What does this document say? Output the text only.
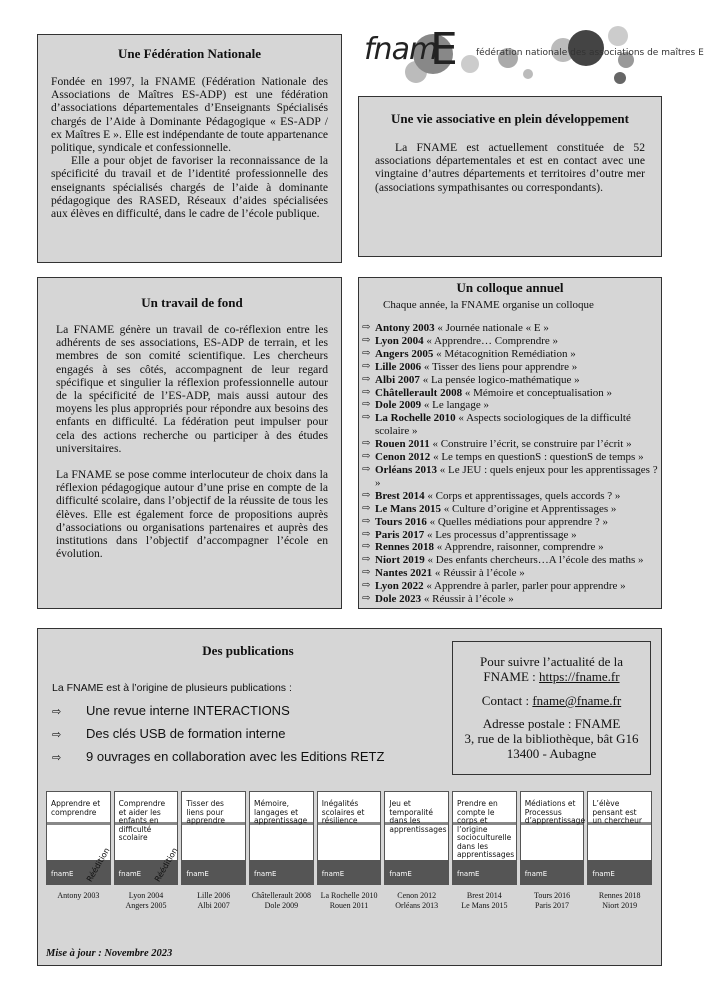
fnam
E fédération nationale des associations de maîtres E
Une Fédération Nationale

Fondée en 1997, la FNAME (Fédération Nationale des Associations de Maîtres ES-ADP) est une fédération d’associations départementales d’Enseignants Spécialisés chargés de l’Aide à Dominante Pédagogique « ES-ADP / ex Maîtres E ». Elle est indépendante de toute appartenance politique, syndicale et confessionnelle.

Elle a pour objet de favoriser la reconnaissance de la spécificité du travail et de l’identité professionnelle des enseignants spécialisés chargés de l’aide à dominante pédagogique des RASED, Réseaux d’aides spécialisées aux élèves en difficulté, dans le cadre de l’école publique.

Une vie associative en plein développement

La FNAME est actuellement constituée de 52 associations départementales et est en contact avec une vingtaine d’autres départements et territoires d’outre mer (associations sympathisantes ou correspondants).

Un travail de fond

La FNAME génère un travail de co-réflexion entre les adhérents de ses associations, ES-ADP de terrain, et les membres de son comité scientifique. Les chercheurs engagés à ses côtés, accompagnent de leur regard spécifique et singulier la réflexion professionnelle autour de la spécificité de l’ES-ADP, mais aussi autour des moyens les plus appropriés pour répondre aux besoins des enfants en difficulté. La fédération peut impulser pour cela des actions recherche ou participer à des études universitaires.

La FNAME se pose comme interlocuteur de choix dans la réflexion pédagogique autour d’une prise en compte de la difficulté scolaire, dans l’objectif de la réussite de tous les élèves. Elle est également force de propositions auprès d’associations ou organisations partenaires et auprès des institutions dans l’objectif d’accompagner l’école en évolution.

Un colloque annuel

Chaque année, la FNAME organise un colloque

⇨ Antony 2003 « Journée nationale « E »
⇨ Lyon 2004 « Apprendre… Comprendre »
⇨ Angers 2005 « Métacognition Remédiation »
⇨ Lille 2006 « Tisser des liens pour apprendre »
⇨ Albi 2007 « La pensée logico-mathématique »
⇨ Châtellerault 2008 « Mémoire et conceptualisation »
⇨ Dole 2009 « Le langage »
⇨ La Rochelle 2010 « Aspects sociologiques de la difficulté scolaire »
⇨ Rouen 2011 « Construire l’écrit, se construire par l’écrit »
⇨ Cenon 2012 « Le temps en questionS : questionS de temps »
⇨ Orléans 2013 « Le JEU : quels enjeux pour les apprentissages ? »
⇨ Brest 2014 « Corps et apprentissages, quels accords ? »
⇨ Le Mans 2015 « Culture d’origine et Apprentissages »
⇨ Tours 2016 « Quelles médiations pour apprendre ? »
⇨ Paris 2017 « Les processus d’apprentissage »
⇨ Rennes 2018 « Apprendre, raisonner, comprendre »
⇨ Niort 2019 « Des enfants chercheurs…A l’école des maths »
⇨ Nantes 2021 « Réussir à l’école »
⇨ Lyon 2022 « Apprendre à parler, parler pour apprendre »
⇨ Dole 2023 « Réussir à l’école »
Des publications

La FNAME est à l’origine de plusieurs publications :

⇨ Une revue interne INTERACTIONS
⇨ Des clés USB de formation interne
⇨ 9 ouvrages en collaboration avec les Editions RETZ
Pour suivre l’actualité de la
FNAME : https://fname.fr
Contact : fname@fname.fr
Adresse postale : FNAME
3, rue de la bibliothèque, bât G16
13400 - Aubagne
Apprendre et comprendre
fnamE Réédition
Comprendre et aider les enfants en difficulté scolaire
fnamE Réédition
Tisser des liens pour apprendre
fnamE
Mémoire, langages et apprentissage
fnamE
Inégalités scolaires et résilience
fnamE
Jeu et temporalité dans les apprentissages
fnamE
Prendre en compte le corps et l’origine socioculturelle dans les apprentissages
fnamE
Médiations et Processus d’apprentissage
fnamE
L’élève pensant est un chercheur
fnamE
Antony 2003	Lyon 2004
Angers 2005
Lille 2006
Albi 2007
Châtellerault 2008
Dole 2009
La Rochelle 2010
Rouen 2011
Cenon 2012
Orléans 2013
Brest 2014
Le Mans 2015
Tours 2016
Paris 2017
Rennes 2018
Niort 2019
Mise à jour : Novembre 2023
